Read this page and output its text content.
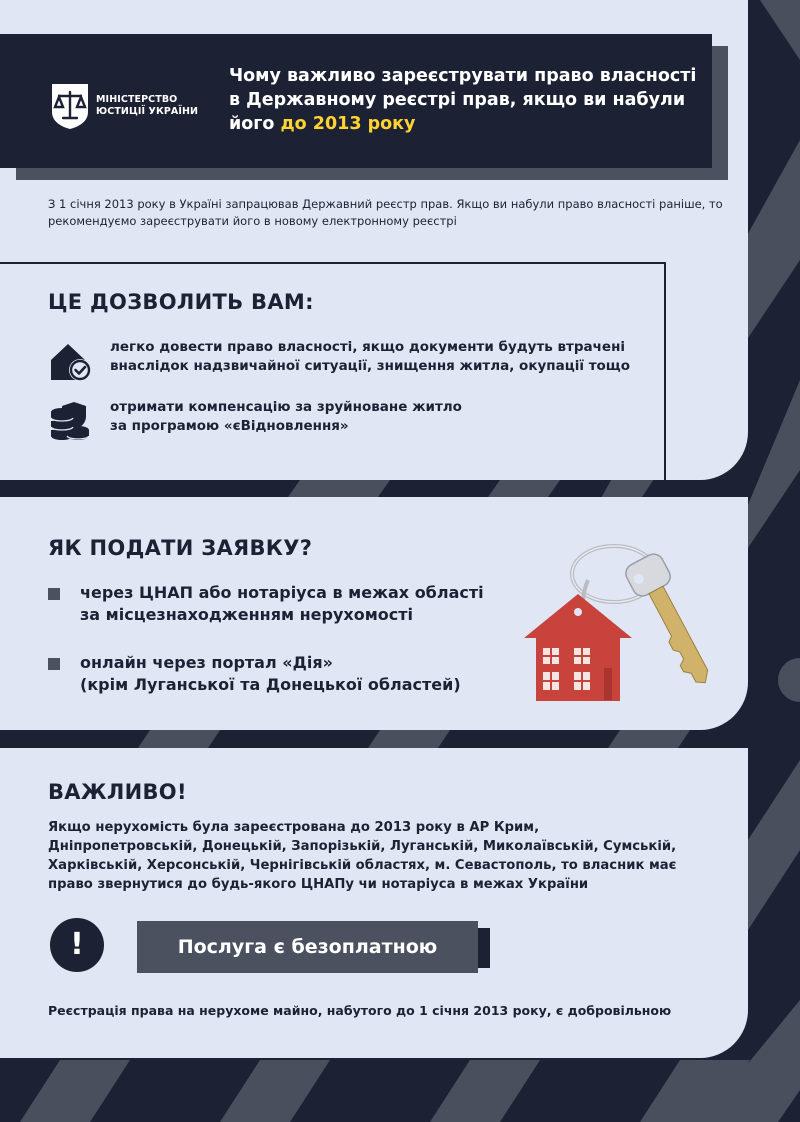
МІНІСТЕРСТВО
ЮСТИЦІЇ УКРАЇНИ
Чому важливо зареєструвати право власності в Державному реєстрі прав, якщо ви набули його до 2013 року
З 1 січня 2013 року в Україні запрацював Державний реєстр прав. Якщо ви набули право власності раніше, то рекомендуємо зареєструвати його в новому електронному реєстрі
ЦЕ ДОЗВОЛИТЬ ВАМ:
легко довести право власності, якщо документи будуть втрачені
внаслідок надзвичайної ситуації, знищення житла, окупації тощо
отримати компенсацію за зруйноване житло
за програмою «єВідновлення»
ЯК ПОДАТИ ЗАЯВКУ?
через ЦНАП або нотаріуса в межах області
за місцезнаходженням нерухомості
онлайн через портал «Дія»
(крім Луганської та Донецької областей)
ВАЖЛИВО!
Якщо нерухомість була зареєстрована до 2013 року в АР Крим,
Дніпропетровській, Донецькій, Запорізькій, Луганській, Миколаївській, Сумській,
Харківській, Херсонській, Чернігівській областях, м. Севастополь, то власник має
право звернутися до будь-якого ЦНАПу чи нотаріуса в межах України
!	Послуга є безоплатною
Реєстрація права на нерухоме майно, набутого до 1 січня 2013 року, є добровільною
